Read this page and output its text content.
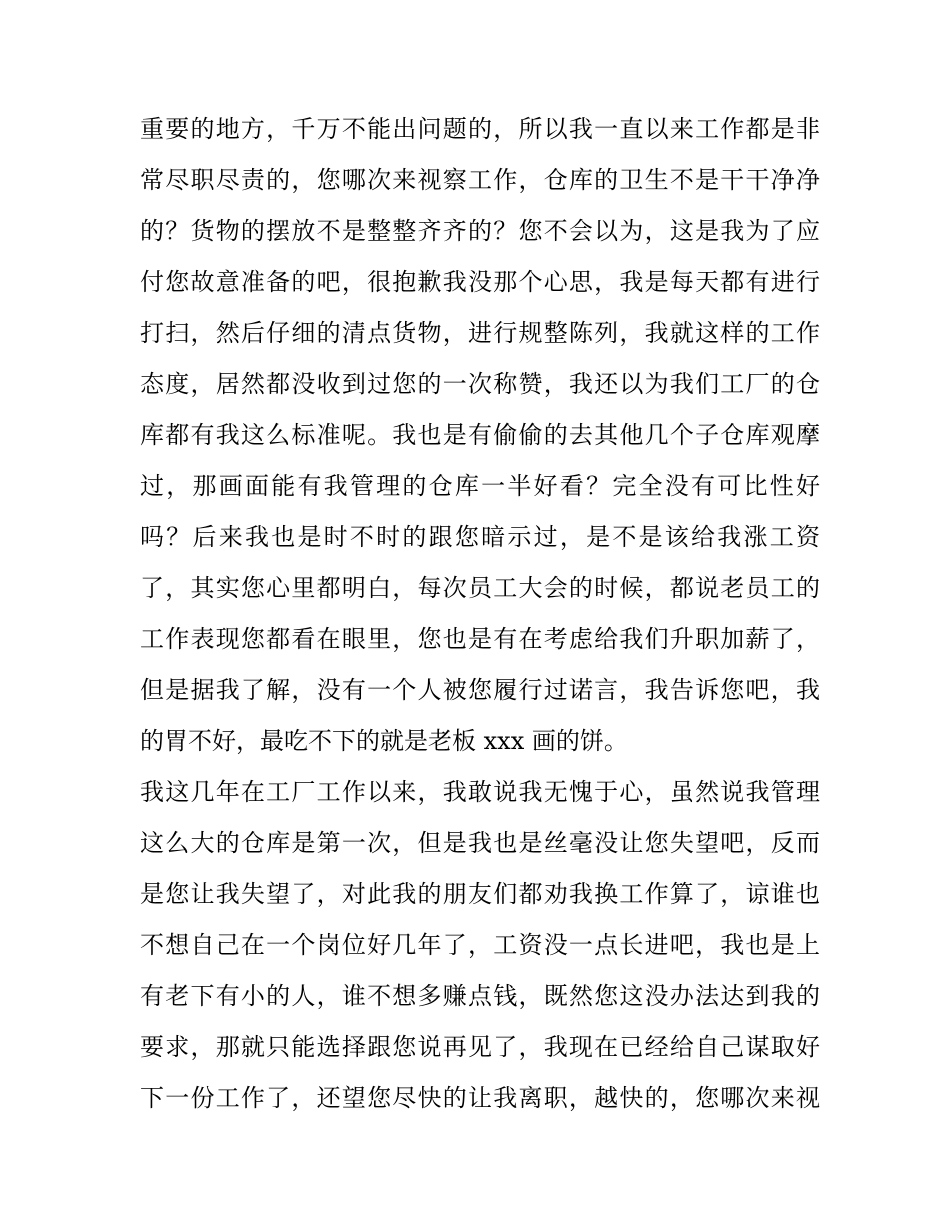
重要的地方，千万不能出问题的，所以我一直以来工作都是非
常尽职尽责的，您哪次来视察工作，仓库的卫生不是干干净净
的？货物的摆放不是整整齐齐的？您不会以为，这是我为了应
付您故意准备的吧，很抱歉我没那个心思，我是每天都有进行
打扫，然后仔细的清点货物，进行规整陈列，我就这样的工作
态度，居然都没收到过您的一次称赞，我还以为我们工厂的仓
库都有我这么标准呢。我也是有偷偷的去其他几个子仓库观摩
过，那画面能有我管理的仓库一半好看？完全没有可比性好
吗？后来我也是时不时的跟您暗示过，是不是该给我涨工资
了，其实您心里都明白，每次员工大会的时候，都说老员工的
工作表现您都看在眼里，您也是有在考虑给我们升职加薪了，
但是据我了解，没有一个人被您履行过诺言，我告诉您吧，我
的胃不好，最吃不下的就是老板 xxx 画的饼。
我这几年在工厂工作以来，我敢说我无愧于心，虽然说我管理
这么大的仓库是第一次，但是我也是丝毫没让您失望吧，反而
是您让我失望了，对此我的朋友们都劝我换工作算了，谅谁也
不想自己在一个岗位好几年了，工资没一点长进吧，我也是上
有老下有小的人，谁不想多赚点钱，既然您这没办法达到我的
要求，那就只能选择跟您说再见了，我现在已经给自己谋取好
下一份工作了，还望您尽快的让我离职，越快的，您哪次来视
